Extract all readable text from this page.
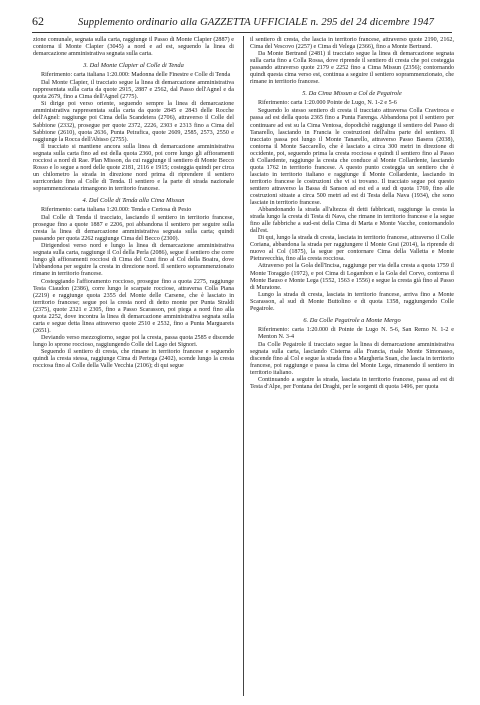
62	Supplemento ordinario alla GAZZETTA UFFICIALE n. 295 del 24 dicembre 1947

zione comunale, segnata sulla carta, raggiunge il Passo di Monte Clapier (2887) e contorna il Monte Clapier (3045) a nord e ad est, seguendo la linea di demarcazione amministrativa segnata sulla carta.

3. Dal Monte Clapier al Colle di Tenda

Riferimento: carta italiana 1:20.000: Madonna delle Finestre e Colle di Tenda

Dal Monte Clapier, il tracciato segue la linea di demarcazione amministrativa rappresentata sulla carta da quote 2915, 2887 e 2562, dal Passo dell'Agnel e da quota 2679, fino a Cima dell'Agnel (2775).

Si dirige poi verso oriente, seguendo sempre la linea di demarcazione amministrativa rappresentata sulla carta da quote 2845 e 2843 delle Rocche dell'Agnel: raggiunge poi Cima della Scandeiera (2706), attraverso il Colle del Sabbione (2332), prosegue per quote 2372, 2226, 2303 e 2313 fino a Cima del Sabbione (2610), quota 2636, Punta Peirafica, quote 2609, 2585, 2573, 2550 e raggiunge la Rocca dell'Abisso (2755).

Il tracciato si mantiene ancora sulla linea di demarcazione amministrativa segnata sulla carta fino ad est della quota 2360, poi corre lungo gli affioramenti rocciosi a nord di Rae. Plan Misson, da cui raggiunge il sentiero di Monte Becco Rosso e lo segue a nord delle quote 2181, 2116 e 1915; costeggia quindi per circa un chilometro la strada in direzione nord prima di riprendere il sentiero surricordato fino al Colle di Tenda. Il sentiero e la parte di strada nazionale soprammenzionata rimangono in territorio francese.

4. Dal Colle di Tenda alla Cima Missun

Riferimento: carta italiana 1:20.000: Tenda e Certosa di Pesio

Dal Colle di Tenda il tracciato, lasciando il sentiero in territorio francese, prosegue fino a quote 1887 e 2206, poi abbandona il sentiero per seguire sulla cresta la linea di demarcazione amministrativa segnata sulla carta; quindi passando per quota 2262 raggiunge Cima del Becco (2300).

Dirigendosi verso nord e lungo la linea di demarcazione amministrativa segnata sulla carta, raggiunge il Col della Perla (2086), segue il sentiero che corre lungo gli affioramenti rocciosi di Cima del Cuni fino al Col della Boaira, dove l'abbandona per seguire la cresta in direzione nord. Il sentiero soprammenzionato rimane in territorio francese.

Costeggiando l'affioramento roccioso, prosegue fino a quota 2275, raggiunge Testa Ciaudon (2386), corre lungo le scarpate rocciose, attraversa Colla Piana (2219) e raggiunge quota 2355 del Monte delle Carsene, che è lasciato in territorio francese; segue poi la cresta nord di detto monte per Punta Straldi (2375), quote 2321 e 2305, fino a Passo Scarasson, poi piega a nord fino alla quota 2252, dove incontra la linea di demarcazione amministrativa segnata sulla carta e segue detta linea attraverso quote 2510 e 2532, fino a Punta Marguareis (2651).

Deviando verso mezzogiorno, segue poi la cresta, passa quota 2585 e discende lungo lo sprone roccioso, raggiungendo Colle del Lago dei Signori.

Seguendo il sentiero di cresta, che rimane in territorio francese e seguendo quindi la cresta stessa, raggiunge Cima di Pertega (2402), scende lungo la cresta rocciosa fino al Colle della Valle Vecchia (2106); di qui segue

il sentiero di cresta, che lascia in territorio francese, attraverso quote 2190, 2162, Cima del Vescovo (2257) e Cima di Velega (2366), fino a Monte Bertrand.

Da Monte Bertrand (2481) il tracciato segue la linea di demarcazione segnata sulla carta fino a Colla Rossa, dove riprende il sentiero di cresta che poi costeggia passando attraverso quote 2179 e 2252 fino a Cima Missun (2356); contornando quindi questa cima verso est, continua a seguire il sentiero soprammenzionato, che rimane in territorio francese.

5. Da Cima Missun a Col de Pegairole

Riferimento: carta 1:20.000 Pointe de Lugo, N. 1-2 e 5-6

Seguendo lo stesso sentiero di cresta il tracciato attraversa Colla Craviroca e passa ad est della quota 2365 fino a Punta Farenga. Abbandona poi il sentiero per continuare ad est su la Cima Ventosa, dopodichè raggiunge il sentiero del Passo di Tanarello, lasciando in Francia le costruzioni dell'altra parte del sentiero. Il tracciato passa poi lungo il Monte Tanarello, attraverso Passo Basera (2038), contorna il Monte Saccarello, che è lasciato a circa 300 metri in direzione di occidente, poi, seguendo prima la cresta rocciosa e quindi il sentiero fino al Passo di Collardente, raggiunge la cresta che conduce al Monte Collardente, lasciando quota 1762 in territorio francese. A questo punto costeggia un sentiero che è lasciato in territorio italiano e raggiunge il Monte Collardente, lasciando in territorio francese le costruzioni che vi si trovano. Il tracciato segue poi questo sentiero attraverso la Bassa di Sanson ad est ed a sud di quota 1769, fino alle costruzioni situate a circa 500 metri ad est di Testa della Nava (1934), che sono lasciate in territorio francese.

Abbandonando la strada all'altezza di detti fabbricati, raggiunge la cresta la strada lungo la cresta di Testa di Nava, che rimane in territorio francese e la segue fino alle fabbriche a sud-est della Cima di Marta e Monte Vacche, contornandolo dall'est.

Di qui, lungo la strada di cresta, lasciata in territorio francese, attraverso il Colle Coriana, abbandona la strada per raggiungere il Monte Grai (2014), la riprende di nuovo al Col (1875), la segue per contornare Cima della Valletta e Monte Pietravecchia, fino alla cresta rocciosa.

Attraverso poi la Gola dell'Incisa, raggiunge per via della cresta a quota 1759 il Monte Toraggio (1972), e poi Cima di Logambon e la Gola del Corvo, contorna il Monte Bauso e Monte Lega (1552, 1563 e 1556) e segue la cresta già fino al Passo di Muratone.

Lungo la strada di cresta, lasciata in territorio francese, arriva fino a Monte Scarasson, al sud di Monte Buttolino e di quota 1358, raggiungendo Colle Pegairole.

6. Da Colle Pegairole a Monte Mergo

Riferimento: carta 1:20.000 di Pointe de Lugo N. 5-6, San Remo N. 1-2 e Menton N. 3-4

Da Colle Pegairole il tracciato segue la linea di demarcazione amministrativa segnata sulla carta, lasciando Cisterna alla Francia, risale Monte Simonasso, discende fino al Col e segue la strada fino a Margheria Suan, che lascia in territorio francese, poi raggiunge e passa la cima del Monte Lega, rimanendo il sentiero in territorio italiano.

Continuando a seguire la strada, lasciata in territorio francese, passa ad est di Testa d'Alpe, per Fontana dei Draghi, per le sorgenti di quota 1496, per quota
